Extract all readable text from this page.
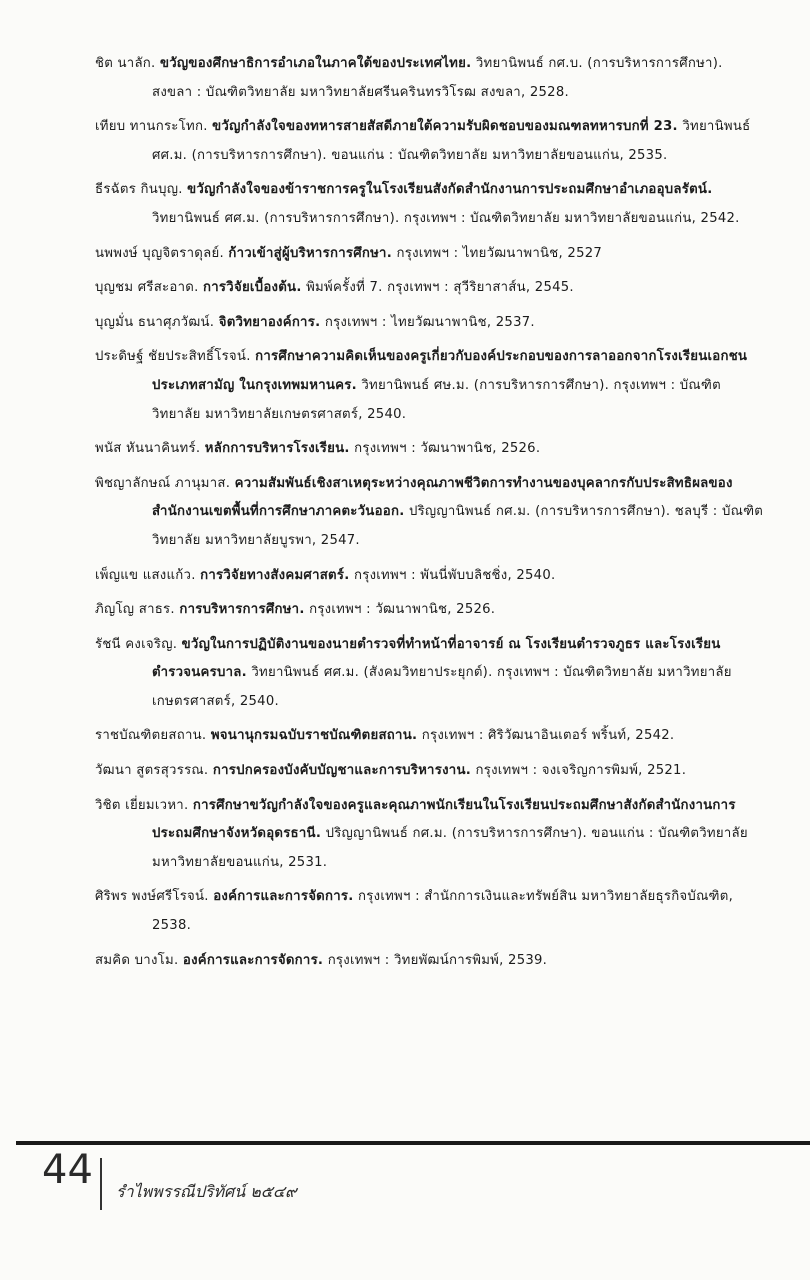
ชิต นาลัก. ขวัญของศึกษาธิการอำเภอในภาคใต้ของประเทศไทย. วิทยานิพนธ์ กศ.บ. (การบริหารการศึกษา). สงขลา : บัณฑิตวิทยาลัย มหาวิทยาลัยศรีนครินทรวิโรฒ สงขลา, 2528.

เทียบ ทานกระโทก. ขวัญกำลังใจของทหารสายสัสดีภายใต้ความรับผิดชอบของมณฑลทหารบกที่ 23. วิทยานิพนธ์ ศศ.ม. (การบริหารการศึกษา). ขอนแก่น : บัณฑิตวิทยาลัย มหาวิทยาลัยขอนแก่น, 2535.

ธีรฉัตร กินบุญ. ขวัญกำลังใจของข้าราชการครูในโรงเรียนสังกัดสำนักงานการประถมศึกษาอำเภออุบลรัตน์. วิทยานิพนธ์ ศศ.ม. (การบริหารการศึกษา). กรุงเทพฯ : บัณฑิตวิทยาลัย มหาวิทยาลัยขอนแก่น, 2542.

นพพงษ์ บุญจิตราดุลย์. ก้าวเข้าสู่ผู้บริหารการศึกษา. กรุงเทพฯ : ไทยวัฒนาพานิช, 2527

บุญชม ศรีสะอาด. การวิจัยเบื้องต้น. พิมพ์ครั้งที่ 7. กรุงเทพฯ : สุวีริยาสาส์น, 2545.

บุญมั่น ธนาศุภวัฒน์. จิตวิทยาองค์การ. กรุงเทพฯ : ไทยวัฒนาพานิช, 2537.

ประดิษฐ์ ชัยประสิทธิ์โรจน์. การศึกษาความคิดเห็นของครูเกี่ยวกับองค์ประกอบของการลาออกจากโรงเรียนเอกชนประเภทสามัญ ในกรุงเทพมหานคร. วิทยานิพนธ์ ศษ.ม. (การบริหารการศึกษา). กรุงเทพฯ : บัณฑิตวิทยาลัย มหาวิทยาลัยเกษตรศาสตร์, 2540.

พนัส หันนาคินทร์. หลักการบริหารโรงเรียน. กรุงเทพฯ : วัฒนาพานิช, 2526.

พิชญาลักษณ์ ภานุมาส. ความสัมพันธ์เชิงสาเหตุระหว่างคุณภาพชีวิตการทำงานของบุคลากรกับประสิทธิผลของสำนักงานเขตพื้นที่การศึกษาภาคตะวันออก. ปริญญานิพนธ์ กศ.ม. (การบริหารการศึกษา). ชลบุรี : บัณฑิตวิทยาลัย มหาวิทยาลัยบูรพา, 2547.

เพ็ญแข แสงแก้ว. การวิจัยทางสังคมศาสตร์. กรุงเทพฯ : พันนี่พับบลิชชิ่ง, 2540.

ภิญโญ สาธร. การบริหารการศึกษา. กรุงเทพฯ : วัฒนาพานิช, 2526.

รัชนี คงเจริญ. ขวัญในการปฏิบัติงานของนายตำรวจที่ทำหน้าที่อาจารย์ ณ โรงเรียนตำรวจภูธร และโรงเรียนตำรวจนครบาล. วิทยานิพนธ์ ศศ.ม. (สังคมวิทยาประยุกต์). กรุงเทพฯ : บัณฑิตวิทยาลัย มหาวิทยาลัยเกษตรศาสตร์, 2540.

ราชบัณฑิตยสถาน. พจนานุกรมฉบับราชบัณฑิตยสถาน. กรุงเทพฯ : ศิริวัฒนาอินเตอร์ พริ้นท์, 2542.

วัฒนา สูตรสุวรรณ. การปกครองบังคับบัญชาและการบริหารงาน. กรุงเทพฯ : จงเจริญการพิมพ์, 2521.

วิชิต เยี่ยมเวหา. การศึกษาขวัญกำลังใจของครูและคุณภาพนักเรียนในโรงเรียนประถมศึกษาสังกัดสำนักงานการประถมศึกษาจังหวัดอุดรธานี. ปริญญานิพนธ์ กศ.ม. (การบริหารการศึกษา). ขอนแก่น : บัณฑิตวิทยาลัย มหาวิทยาลัยขอนแก่น, 2531.

ศิริพร พงษ์ศรีโรจน์. องค์การและการจัดการ. กรุงเทพฯ : สำนักการเงินและทรัพย์สิน มหาวิทยาลัยธุรกิจบัณฑิต, 2538.

สมคิด บางโม. องค์การและการจัดการ. กรุงเทพฯ : วิทยพัฒน์การพิมพ์, 2539.

44 รำไพพรรณีปริทัศน์ ๒๕๔๙
